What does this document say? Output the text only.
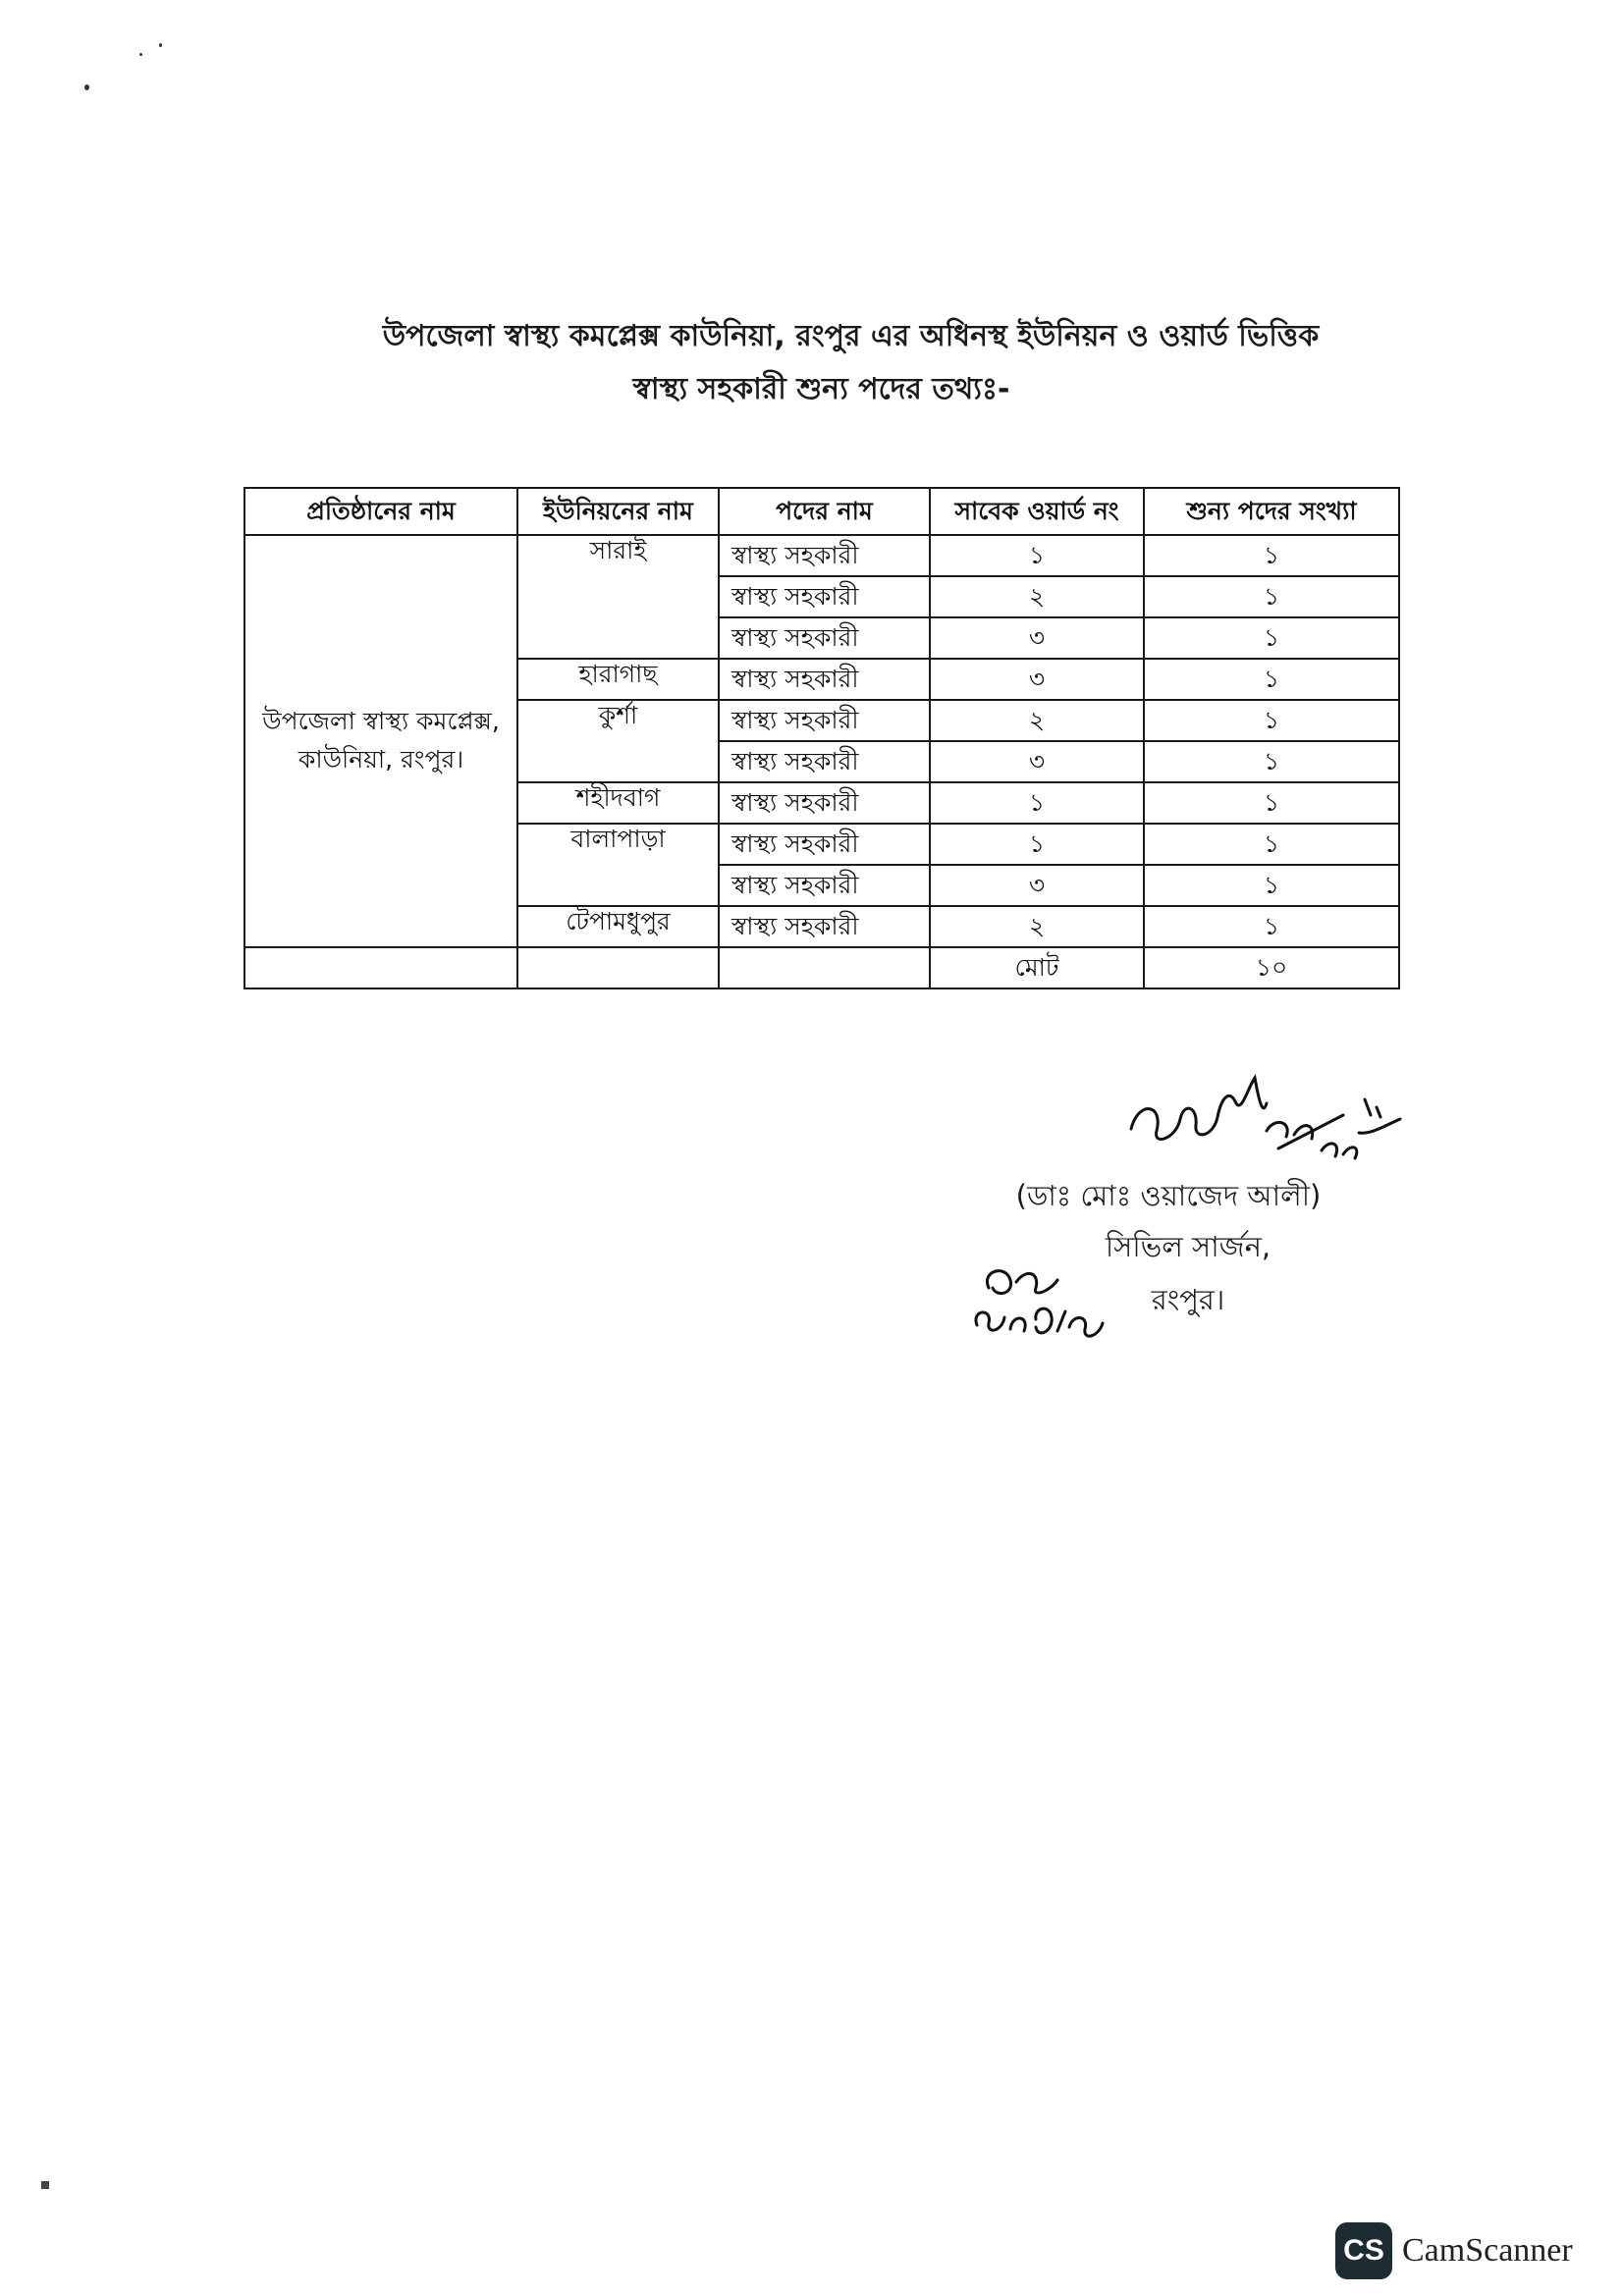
উপজেলা স্বাস্থ্য কমপ্লেক্স কাউনিয়া, রংপুর এর অধিনস্থ ইউনিয়ন ও ওয়ার্ড ভিত্তিক
স্বাস্থ্য সহকারী শুন্য পদের তথ্যঃ-
প্রতিষ্ঠানের নাম	ইউনিয়নের নাম	পদের নাম	সাবেক ওয়ার্ড নং	শুন্য পদের সংখ্যা
উপজেলা স্বাস্থ্য কমপ্লেক্স, কাউনিয়া, রংপুর।	সারাই	স্বাস্থ্য সহকারী	১	১
		স্বাস্থ্য সহকারী	২	১
		স্বাস্থ্য সহকারী	৩	১
	হারাগাছ	স্বাস্থ্য সহকারী	৩	১
	কুর্শা	স্বাস্থ্য সহকারী	২	১
		স্বাস্থ্য সহকারী	৩	১
	শহীদবাগ	স্বাস্থ্য সহকারী	১	১
	বালাপাড়া	স্বাস্থ্য সহকারী	১	১
		স্বাস্থ্য সহকারী	৩	১
	টেপামধুপুর	স্বাস্থ্য সহকারী	২	১
			মোট	১০
(ডাঃ মোঃ ওয়াজেদ আলী)
সিভিল সার্জন,
রংপুর।
CS CamScanner
